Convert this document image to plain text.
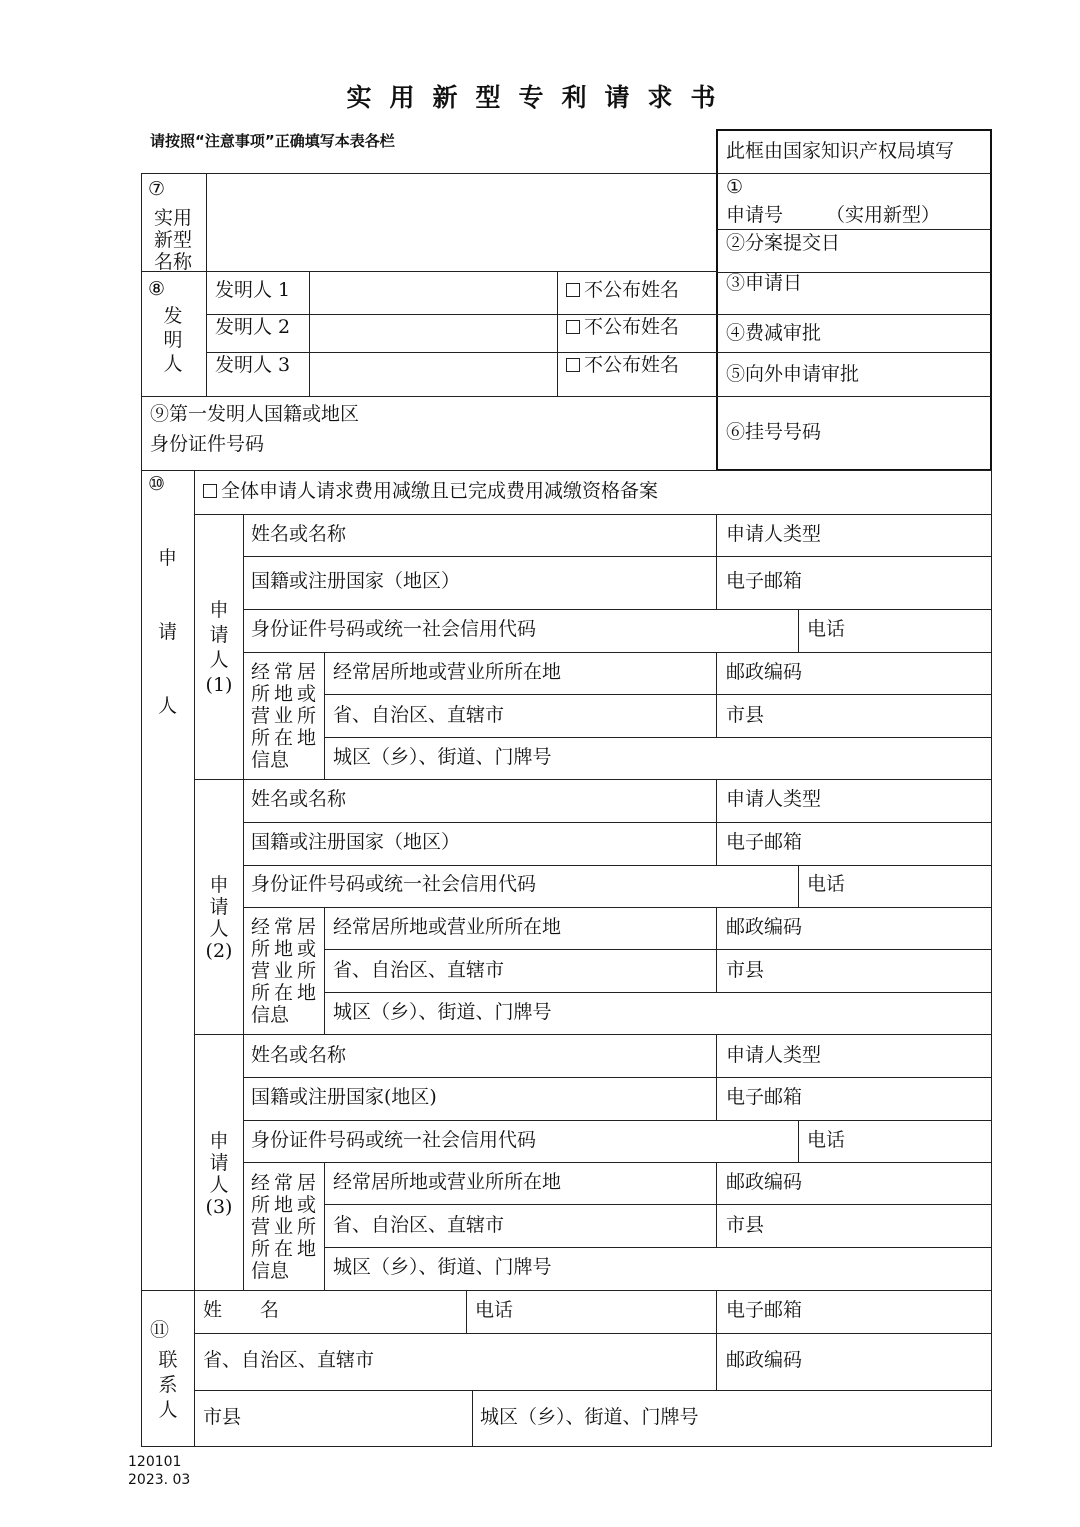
实用新型专利请求书
请按照“注意事项”正确填写本表各栏	此框由国家知识产权局填写
①
申请号 （实用新型）
②分案提交日
③申请日
④费减审批
⑤向外申请审批
⑥挂号号码
⑦
实用
新型
名称
⑧
发
明
人
发明人 1	不公布姓名
发明人 2	不公布姓名
发明人 3	不公布姓名
⑨第一发明人国籍或地区
身份证件号码
⑩
申
请
人
全体申请人请求费用减缴且已完成费用减缴资格备案
申
请
人
(1)
姓名或名称	申请人类型
国籍或注册国家（地区）	电子邮箱
身份证件号码或统一社会信用代码	电话
经常居
所地或
营业所
所在地
信息
经常居所地或营业所所在地	邮政编码
省、自治区、直辖市	市县
城区（乡）、街道、门牌号
申
请
人
(2)
姓名或名称	申请人类型
国籍或注册国家（地区）	电子邮箱
身份证件号码或统一社会信用代码	电话
经常居
所地或
营业所
所在地
信息
经常居所地或营业所所在地	邮政编码
省、自治区、直辖市	市县
城区（乡）、街道、门牌号
申
请
人
(3)
姓名或名称	申请人类型
国籍或注册国家(地区)	电子邮箱
身份证件号码或统一社会信用代码	电话
经常居
所地或
营业所
所在地
信息
经常居所地或营业所所在地	邮政编码
省、自治区、直辖市	市县
城区（乡）、街道、门牌号
⑪
联
系
人
姓　　名	电话	电子邮箱
省、自治区、直辖市	邮政编码
市县	城区（乡）、街道、门牌号
120101
2023. 03
